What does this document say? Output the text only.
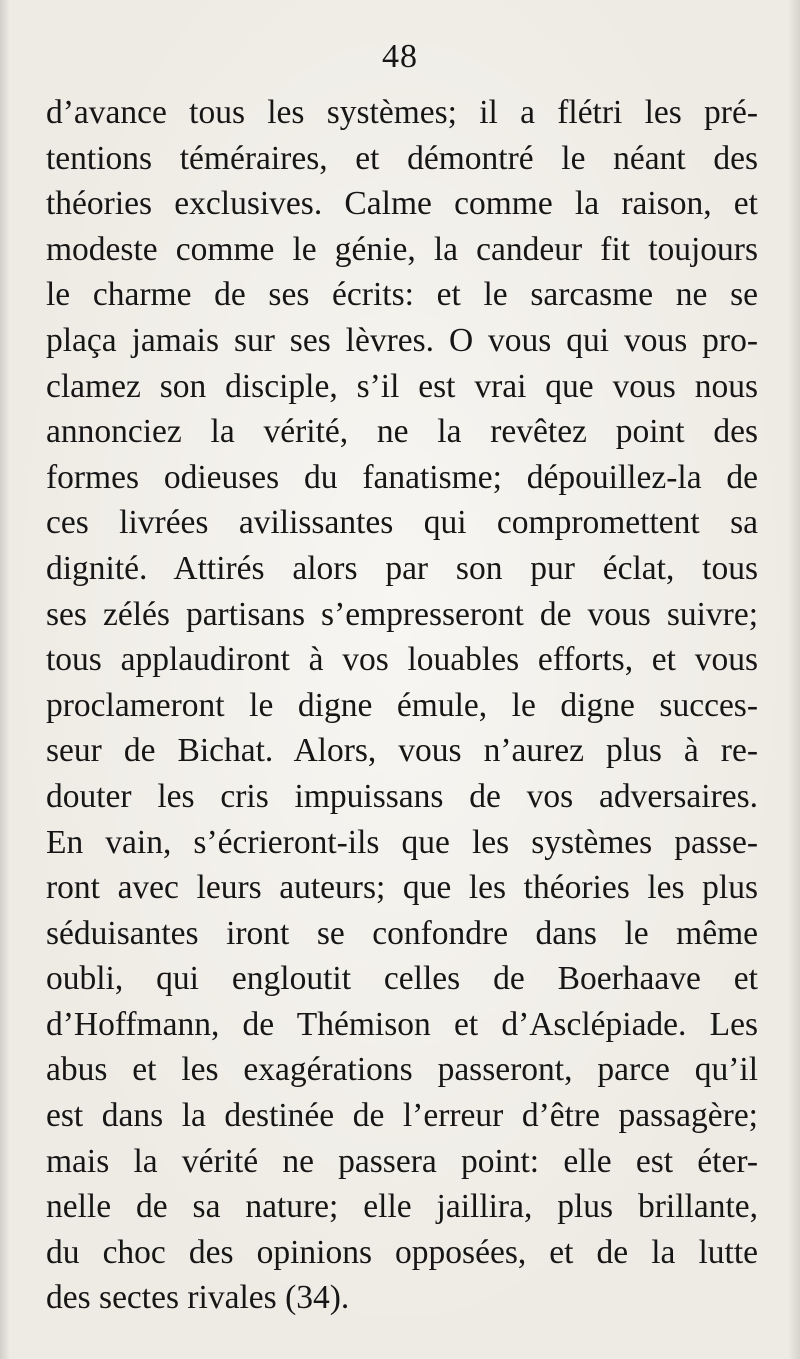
48
d’avance tous les systèmes; il a flétri les pré-
tentions téméraires, et démontré le néant des
théories exclusives. Calme comme la raison, et
modeste comme le génie, la candeur fit toujours
le charme de ses écrits: et le sarcasme ne se
plaça jamais sur ses lèvres. O vous qui vous pro-
clamez son disciple, s’il est vrai que vous nous
annonciez la vérité, ne la revêtez point des
formes odieuses du fanatisme; dépouillez-la de
ces livrées avilissantes qui compromettent sa
dignité. Attirés alors par son pur éclat, tous
ses zélés partisans s’empresseront de vous suivre;
tous applaudiront à vos louables efforts, et vous
proclameront le digne émule, le digne succes-
seur de Bichat. Alors, vous n’aurez plus à re-
douter les cris impuissans de vos adversaires.
En vain, s’écrieront-ils que les systèmes passe-
ront avec leurs auteurs; que les théories les plus
séduisantes iront se confondre dans le même
oubli, qui engloutit celles de Boerhaave et
d’Hoffmann, de Thémison et d’Asclépiade. Les
abus et les exagérations passeront, parce qu’il
est dans la destinée de l’erreur d’être passagère;
mais la vérité ne passera point: elle est éter-
nelle de sa nature; elle jaillira, plus brillante,
du choc des opinions opposées, et de la lutte
des sectes rivales (34).
